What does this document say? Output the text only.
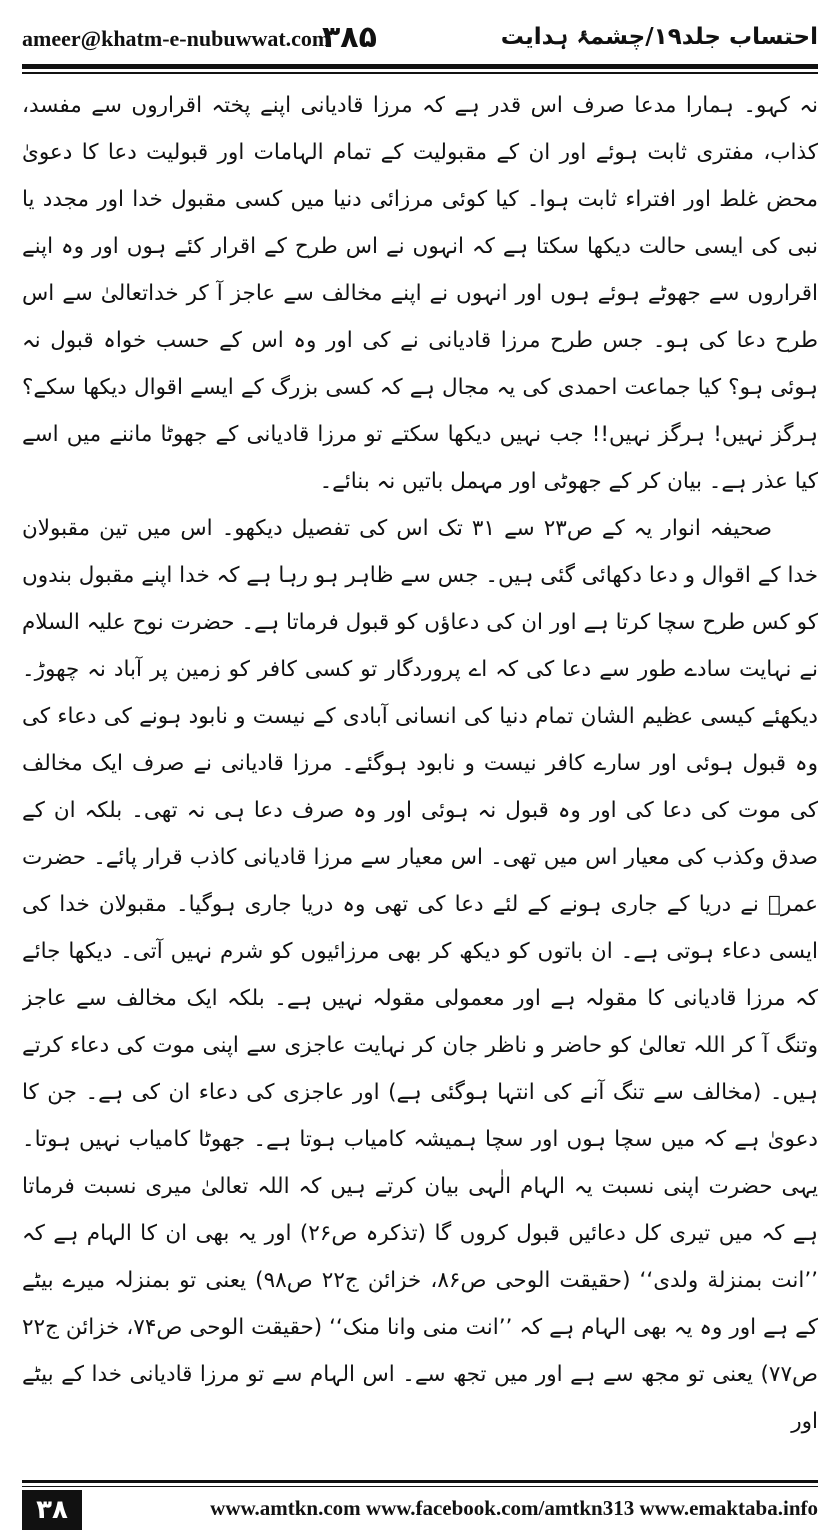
ameer@khatm-e-nubuwwat.com
۳۸۵	احتساب جلد۱۹/چشمۂ ہدایت

نہ کہو۔ ہمارا مدعا صرف اس قدر ہے کہ مرزا قادیانی اپنے پختہ اقراروں سے مفسد، کذاب، مفتری ثابت ہوئے اور ان کے مقبولیت کے تمام الہامات اور قبولیت دعا کا دعویٰ محض غلط اور افتراء ثابت ہوا۔ کیا کوئی مرزائی دنیا میں کسی مقبول خدا اور مجدد یا نبی کی ایسی حالت دیکھا سکتا ہے کہ انہوں نے اس طرح کے اقرار کئے ہوں اور وہ اپنے اقراروں سے جھوٹے ہوئے ہوں اور انہوں نے اپنے مخالف سے عاجز آ کر خداتعالیٰ سے اس طرح دعا کی ہو۔ جس طرح مرزا قادیانی نے کی اور وہ اس کے حسب خواہ قبول نہ ہوئی ہو؟ کیا جماعت احمدی کی یہ مجال ہے کہ کسی بزرگ کے ایسے اقوال دیکھا سکے؟ ہرگز نہیں! ہرگز نہیں!! جب نہیں دیکھا سکتے تو مرزا قادیانی کے جھوٹا ماننے میں اسے کیا عذر ہے۔ بیان کر کے جھوٹی اور مہمل باتیں نہ بنائے۔

صحیفہ انوار یہ کے ص۲۳ سے ۳۱ تک اس کی تفصیل دیکھو۔ اس میں تین مقبولان خدا کے اقوال و دعا دکھائی گئی ہیں۔ جس سے ظاہر ہو رہا ہے کہ خدا اپنے مقبول بندوں کو کس طرح سچا کرتا ہے اور ان کی دعاؤں کو قبول فرماتا ہے۔ حضرت نوح علیہ السلام نے نہایت سادے طور سے دعا کی کہ اے پروردگار تو کسی کافر کو زمین پر آباد نہ چھوڑ۔ دیکھئے کیسی عظیم الشان تمام دنیا کی انسانی آبادی کے نیست و نابود ہونے کی دعاء کی وہ قبول ہوئی اور سارے کافر نیست و نابود ہوگئے۔ مرزا قادیانی نے صرف ایک مخالف کی موت کی دعا کی اور وہ قبول نہ ہوئی اور وہ صرف دعا ہی نہ تھی۔ بلکہ ان کے صدق وکذب کی معیار اس میں تھی۔ اس معیار سے مرزا قادیانی کاذب قرار پائے۔ حضرت عمرؓ نے دریا کے جاری ہونے کے لئے دعا کی تھی وہ دریا جاری ہوگیا۔ مقبولان خدا کی ایسی دعاء ہوتی ہے۔ ان باتوں کو دیکھ کر بھی مرزائیوں کو شرم نہیں آتی۔ دیکھا جائے کہ مرزا قادیانی کا مقولہ ہے اور معمولی مقولہ نہیں ہے۔ بلکہ ایک مخالف سے عاجز وتنگ آ کر اللہ تعالیٰ کو حاضر و ناظر جان کر نہایت عاجزی سے اپنی موت کی دعاء کرتے ہیں۔ (مخالف سے تنگ آنے کی انتہا ہوگئی ہے) اور عاجزی کی دعاء ان کی ہے۔ جن کا دعویٰ ہے کہ میں سچا ہوں اور سچا ہمیشہ کامیاب ہوتا ہے۔ جھوٹا کامیاب نہیں ہوتا۔ یہی حضرت اپنی نسبت یہ الہام الٰہی بیان کرتے ہیں کہ اللہ تعالیٰ میری نسبت فرماتا ہے کہ میں تیری کل دعائیں قبول کروں گا (تذکرہ ص۲۶) اور یہ بھی ان کا الہام ہے کہ ’’انت بمنزلة ولدی‘‘ (حقیقت الوحی ص۸۶، خزائن ج۲۲ ص۹۸) یعنی تو بمنزلہ میرے بیٹے کے ہے اور وہ یہ بھی الہام ہے کہ ’’انت منی وانا منک‘‘ (حقیقت الوحی ص۷۴، خزائن ج۲۲ ص۷۷) یعنی تو مجھ سے ہے اور میں تجھ سے۔ اس الہام سے تو مرزا قادیانی خدا کے بیٹے اور

۳۸	www.amtkn.com www.facebook.com/amtkn313 www.emaktaba.info
